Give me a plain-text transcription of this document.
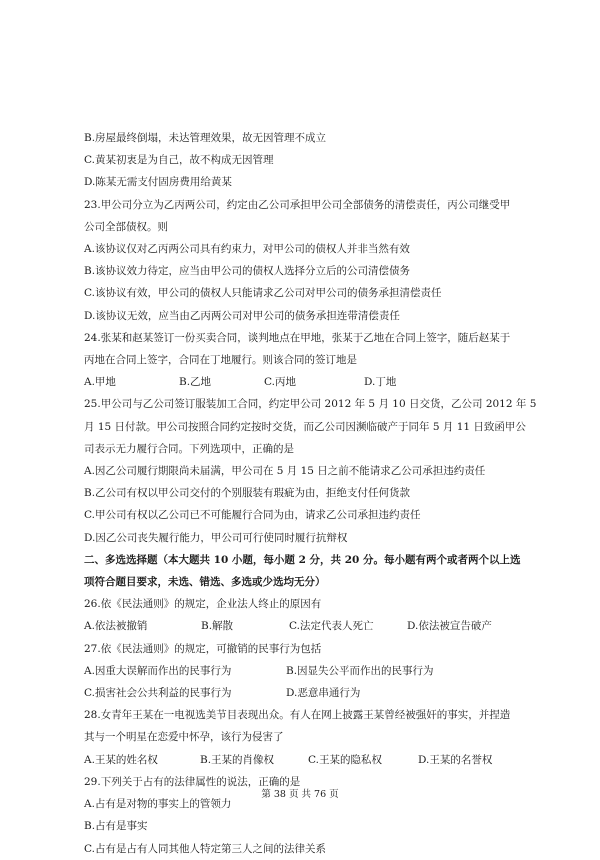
B.房屋最终倒塌，未达管理效果，故无因管理不成立

C.黄某初衷是为自己，故不构成无因管理

D.陈某无需支付固房费用给黄某

23.甲公司分立为乙丙两公司，约定由乙公司承担甲公司全部债务的清偿责任，丙公司继受甲

公司全部债权。则

A.该协议仅对乙丙两公司具有约束力，对甲公司的债权人并非当然有效

B.该协议效力待定，应当由甲公司的债权人选择分立后的公司清偿债务

C.该协议有效，甲公司的债权人只能请求乙公司对甲公司的债务承担清偿责任

D.该协议无效，应当由乙丙两公司对甲公司的债务承担连带清偿责任

24.张某和赵某签订一份买卖合同，谈判地点在甲地，张某于乙地在合同上签字，随后赵某于

丙地在合同上签字，合同在丁地履行。则该合同的签订地是

A.甲地	B.乙地	C.丙地	D.丁地

25.甲公司与乙公司签订服装加工合同，约定甲公司 2012 年 5 月 10 日交货，乙公司 2012 年 5

月 15 日付款。甲公司按照合同约定按时交货，而乙公司因濒临破产于同年 5 月 11 日致函甲公

司表示无力履行合同。下列选项中，正确的是

A.因乙公司履行期限尚未届满，甲公司在 5 月 15 日之前不能请求乙公司承担违约责任

B.乙公司有权以甲公司交付的个别服装有瑕疵为由，拒绝支付任何货款

C.甲公司有权以乙公司已不可能履行合同为由，请求乙公司承担违约责任

D.因乙公司丧失履行能力，甲公司可行使同时履行抗辩权

二、多选选择题（本大题共 10 小题，每小题 2 分，共 20 分。每小题有两个或者两个以上选

项符合题目要求，未选、错选、多选或少选均无分）

26.依《民法通则》的规定，企业法人终止的原因有

A.依法被撤销	B.解散	C.法定代表人死亡	D.依法被宣告破产

27.依《民法通则》的规定，可撤销的民事行为包括

A.因重大误解而作出的民事行为	B.因显失公平而作出的民事行为
C.损害社会公共利益的民事行为	D.恶意串通行为

28.女青年王某在一电视选美节目表现出众。有人在网上披露王某曾经被强奸的事实，并捏造

其与一个明星在恋爱中怀孕，该行为侵害了

A.王某的姓名权	B.王某的肖像权	C.王某的隐私权	D.王某的名誉权

29.下列关于占有的法律属性的说法，正确的是

A.占有是对物的事实上的管领力

B.占有是事实

C.占有是占有人同其他人特定第三人之间的法律关系

第 38 页 共 76 页
